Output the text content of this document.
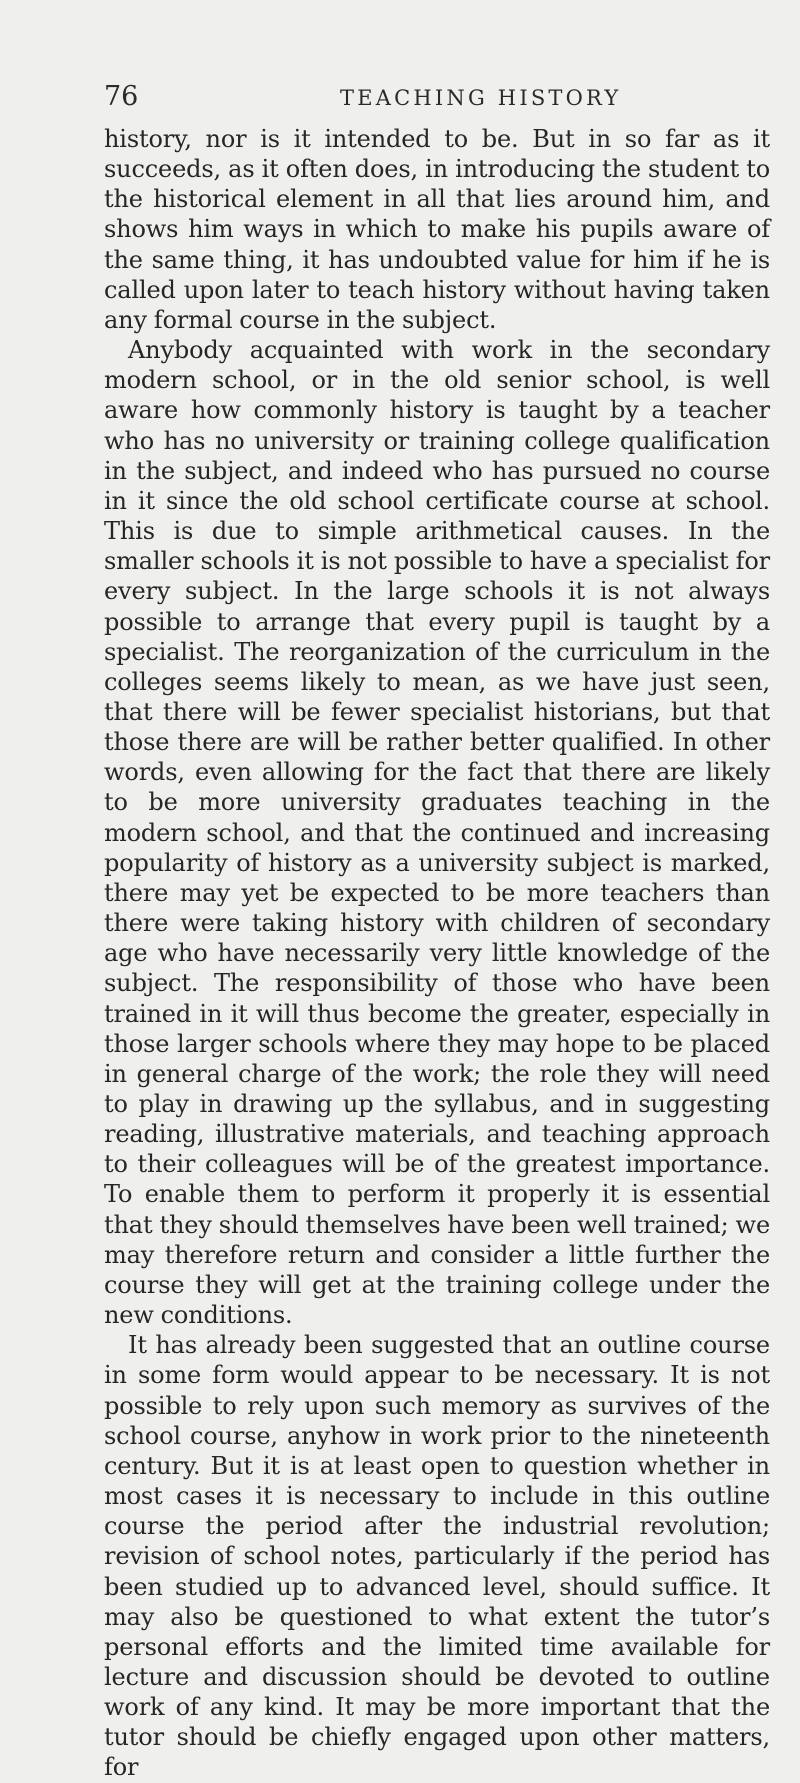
76	TEACHING HISTORY

history, nor is it intended to be. But in so far as it succeeds, as it often does, in introducing the student to the historical element in all that lies around him, and shows him ways in which to make his pupils aware of the same thing, it has undoubted value for him if he is called upon later to teach history without having taken any formal course in the subject.

Anybody acquainted with work in the secondary modern school, or in the old senior school, is well aware how commonly history is taught by a teacher who has no university or training college qualification in the subject, and indeed who has pursued no course in it since the old school certificate course at school. This is due to simple arithmetical causes. In the smaller schools it is not possible to have a specialist for every subject. In the large schools it is not always possible to arrange that every pupil is taught by a specialist. The reorganization of the curriculum in the colleges seems likely to mean, as we have just seen, that there will be fewer specialist historians, but that those there are will be rather better qualified. In other words, even allowing for the fact that there are likely to be more university graduates teaching in the modern school, and that the continued and increasing popularity of history as a university subject is marked, there may yet be expected to be more teachers than there were taking history with children of secondary age who have necessarily very little knowledge of the subject. The responsibility of those who have been trained in it will thus become the greater, especially in those larger schools where they may hope to be placed in general charge of the work; the role they will need to play in drawing up the syllabus, and in suggesting reading, illustrative materials, and teaching approach to their colleagues will be of the greatest importance. To enable them to perform it properly it is essential that they should themselves have been well trained; we may therefore return and consider a little further the course they will get at the training college under the new conditions.

It has already been suggested that an outline course in some form would appear to be necessary. It is not possible to rely upon such memory as survives of the school course, anyhow in work prior to the nineteenth century. But it is at least open to question whether in most cases it is necessary to include in this outline course the period after the industrial revolution; revision of school notes, particularly if the period has been studied up to advanced level, should suffice. It may also be questioned to what extent the tutor’s personal efforts and the limited time available for lecture and discussion should be devoted to outline work of any kind. It may be more important that the tutor should be chiefly engaged upon other matters, for
